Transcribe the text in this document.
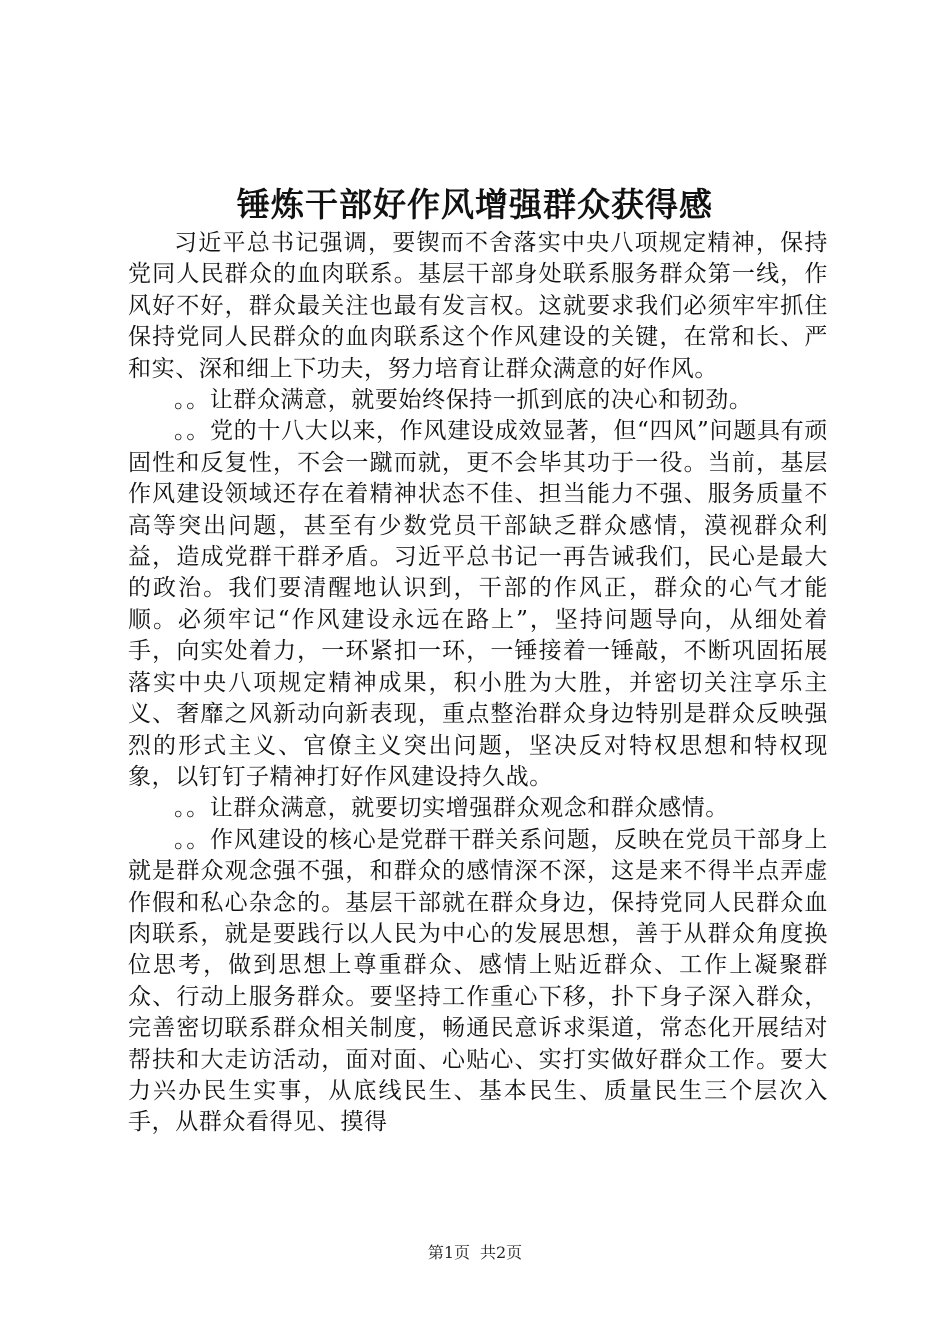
锤炼干部好作风增强群众获得感

习近平总书记强调，要锲而不舍落实中央八项规定精神，保持党同人民群众的血肉联系。基层干部身处联系服务群众第一线，作风好不好，群众最关注也最有发言权。这就要求我们必须牢牢抓住保持党同人民群众的血肉联系这个作风建设的关键，在常和长、严和实、深和细上下功夫，努力培育让群众满意的好作风。

。。让群众满意，就要始终保持一抓到底的决心和韧劲。

。。党的十八大以来，作风建设成效显著，但“四风”问题具有顽固性和反复性，不会一蹴而就，更不会毕其功于一役。当前，基层作风建设领域还存在着精神状态不佳、担当能力不强、服务质量不高等突出问题，甚至有少数党员干部缺乏群众感情，漠视群众利益，造成党群干群矛盾。习近平总书记一再告诫我们，民心是最大的政治。我们要清醒地认识到，干部的作风正，群众的心气才能顺。必须牢记“作风建设永远在路上”，坚持问题导向，从细处着手，向实处着力，一环紧扣一环，一锤接着一锤敲，不断巩固拓展落实中央八项规定精神成果，积小胜为大胜，并密切关注享乐主义、奢靡之风新动向新表现，重点整治群众身边特别是群众反映强烈的形式主义、官僚主义突出问题，坚决反对特权思想和特权现象，以钉钉子精神打好作风建设持久战。

。。让群众满意，就要切实增强群众观念和群众感情。

。。作风建设的核心是党群干群关系问题，反映在党员干部身上就是群众观念强不强，和群众的感情深不深，这是来不得半点弄虚作假和私心杂念的。基层干部就在群众身边，保持党同人民群众血肉联系，就是要践行以人民为中心的发展思想，善于从群众角度换位思考，做到思想上尊重群众、感情上贴近群众、工作上凝聚群众、行动上服务群众。要坚持工作重心下移，扑下身子深入群众，完善密切联系群众相关制度，畅通民意诉求渠道，常态化开展结对帮扶和大走访活动，面对面、心贴心、实打实做好群众工作。要大力兴办民生实事，从底线民生、基本民生、质量民生三个层次入手，从群众看得见、摸得

第1页 共2页
